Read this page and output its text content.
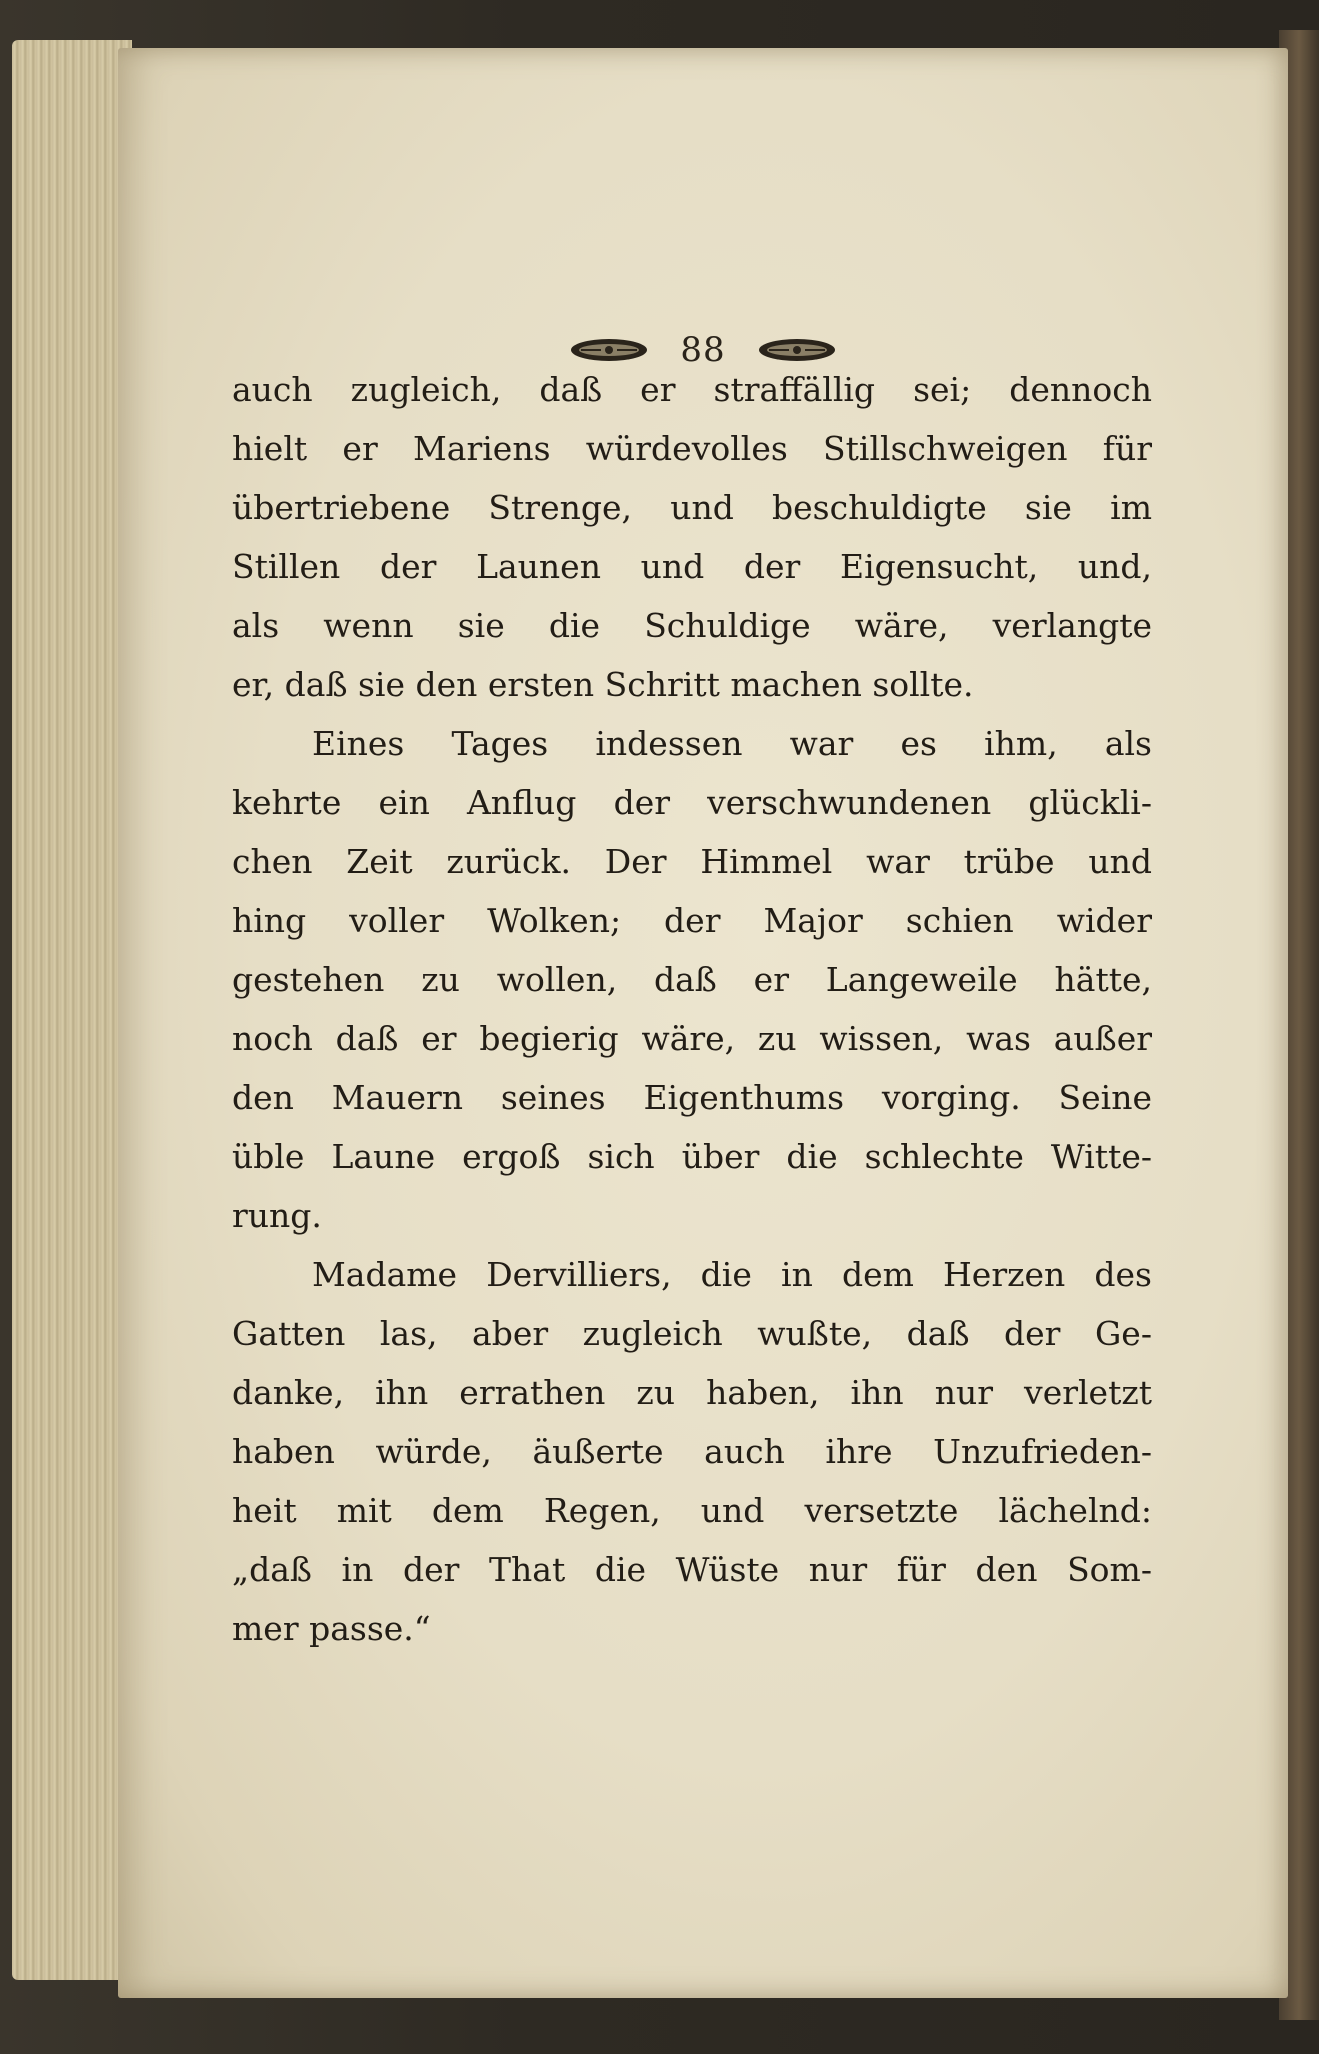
88
auch zugleich, daß er straffällig sei; dennoch
hielt er Mariens würdevolles Stillschweigen für
übertriebene Strenge, und beschuldigte sie im
Stillen der Launen und der Eigensucht, und,
als wenn sie die Schuldige wäre, verlangte
er, daß sie den ersten Schritt machen sollte.
Eines Tages indessen war es ihm, als
kehrte ein Anflug der verschwundenen glückli-
chen Zeit zurück. Der Himmel war trübe und
hing voller Wolken; der Major schien wider
gestehen zu wollen, daß er Langeweile hätte,
noch daß er begierig wäre, zu wissen, was außer
den Mauern seines Eigenthums vorging. Seine
üble Laune ergoß sich über die schlechte Witte-
rung.
Madame Dervilliers, die in dem Herzen des
Gatten las, aber zugleich wußte, daß der Ge-
danke, ihn errathen zu haben, ihn nur verletzt
haben würde, äußerte auch ihre Unzufrieden-
heit mit dem Regen, und versetzte lächelnd:
„daß in der That die Wüste nur für den Som-
mer passe.“
